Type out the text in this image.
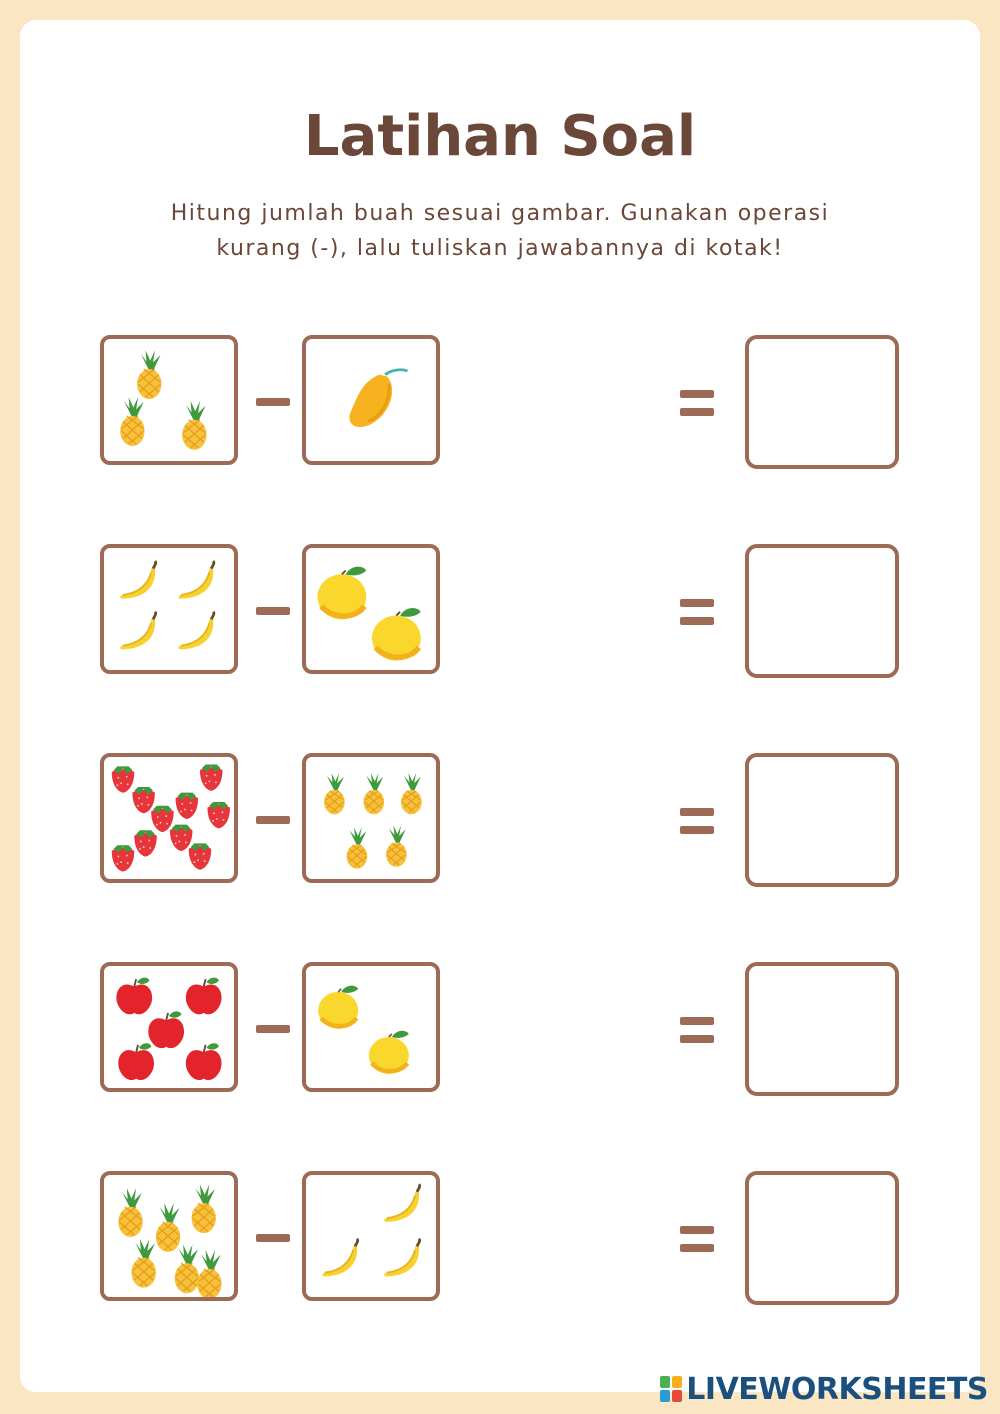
Latihan Soal
Hitung jumlah buah sesuai gambar. Gunakan operasi
kurang (-), lalu tuliskan jawabannya di kotak!
LIVEWORKSHEETS
